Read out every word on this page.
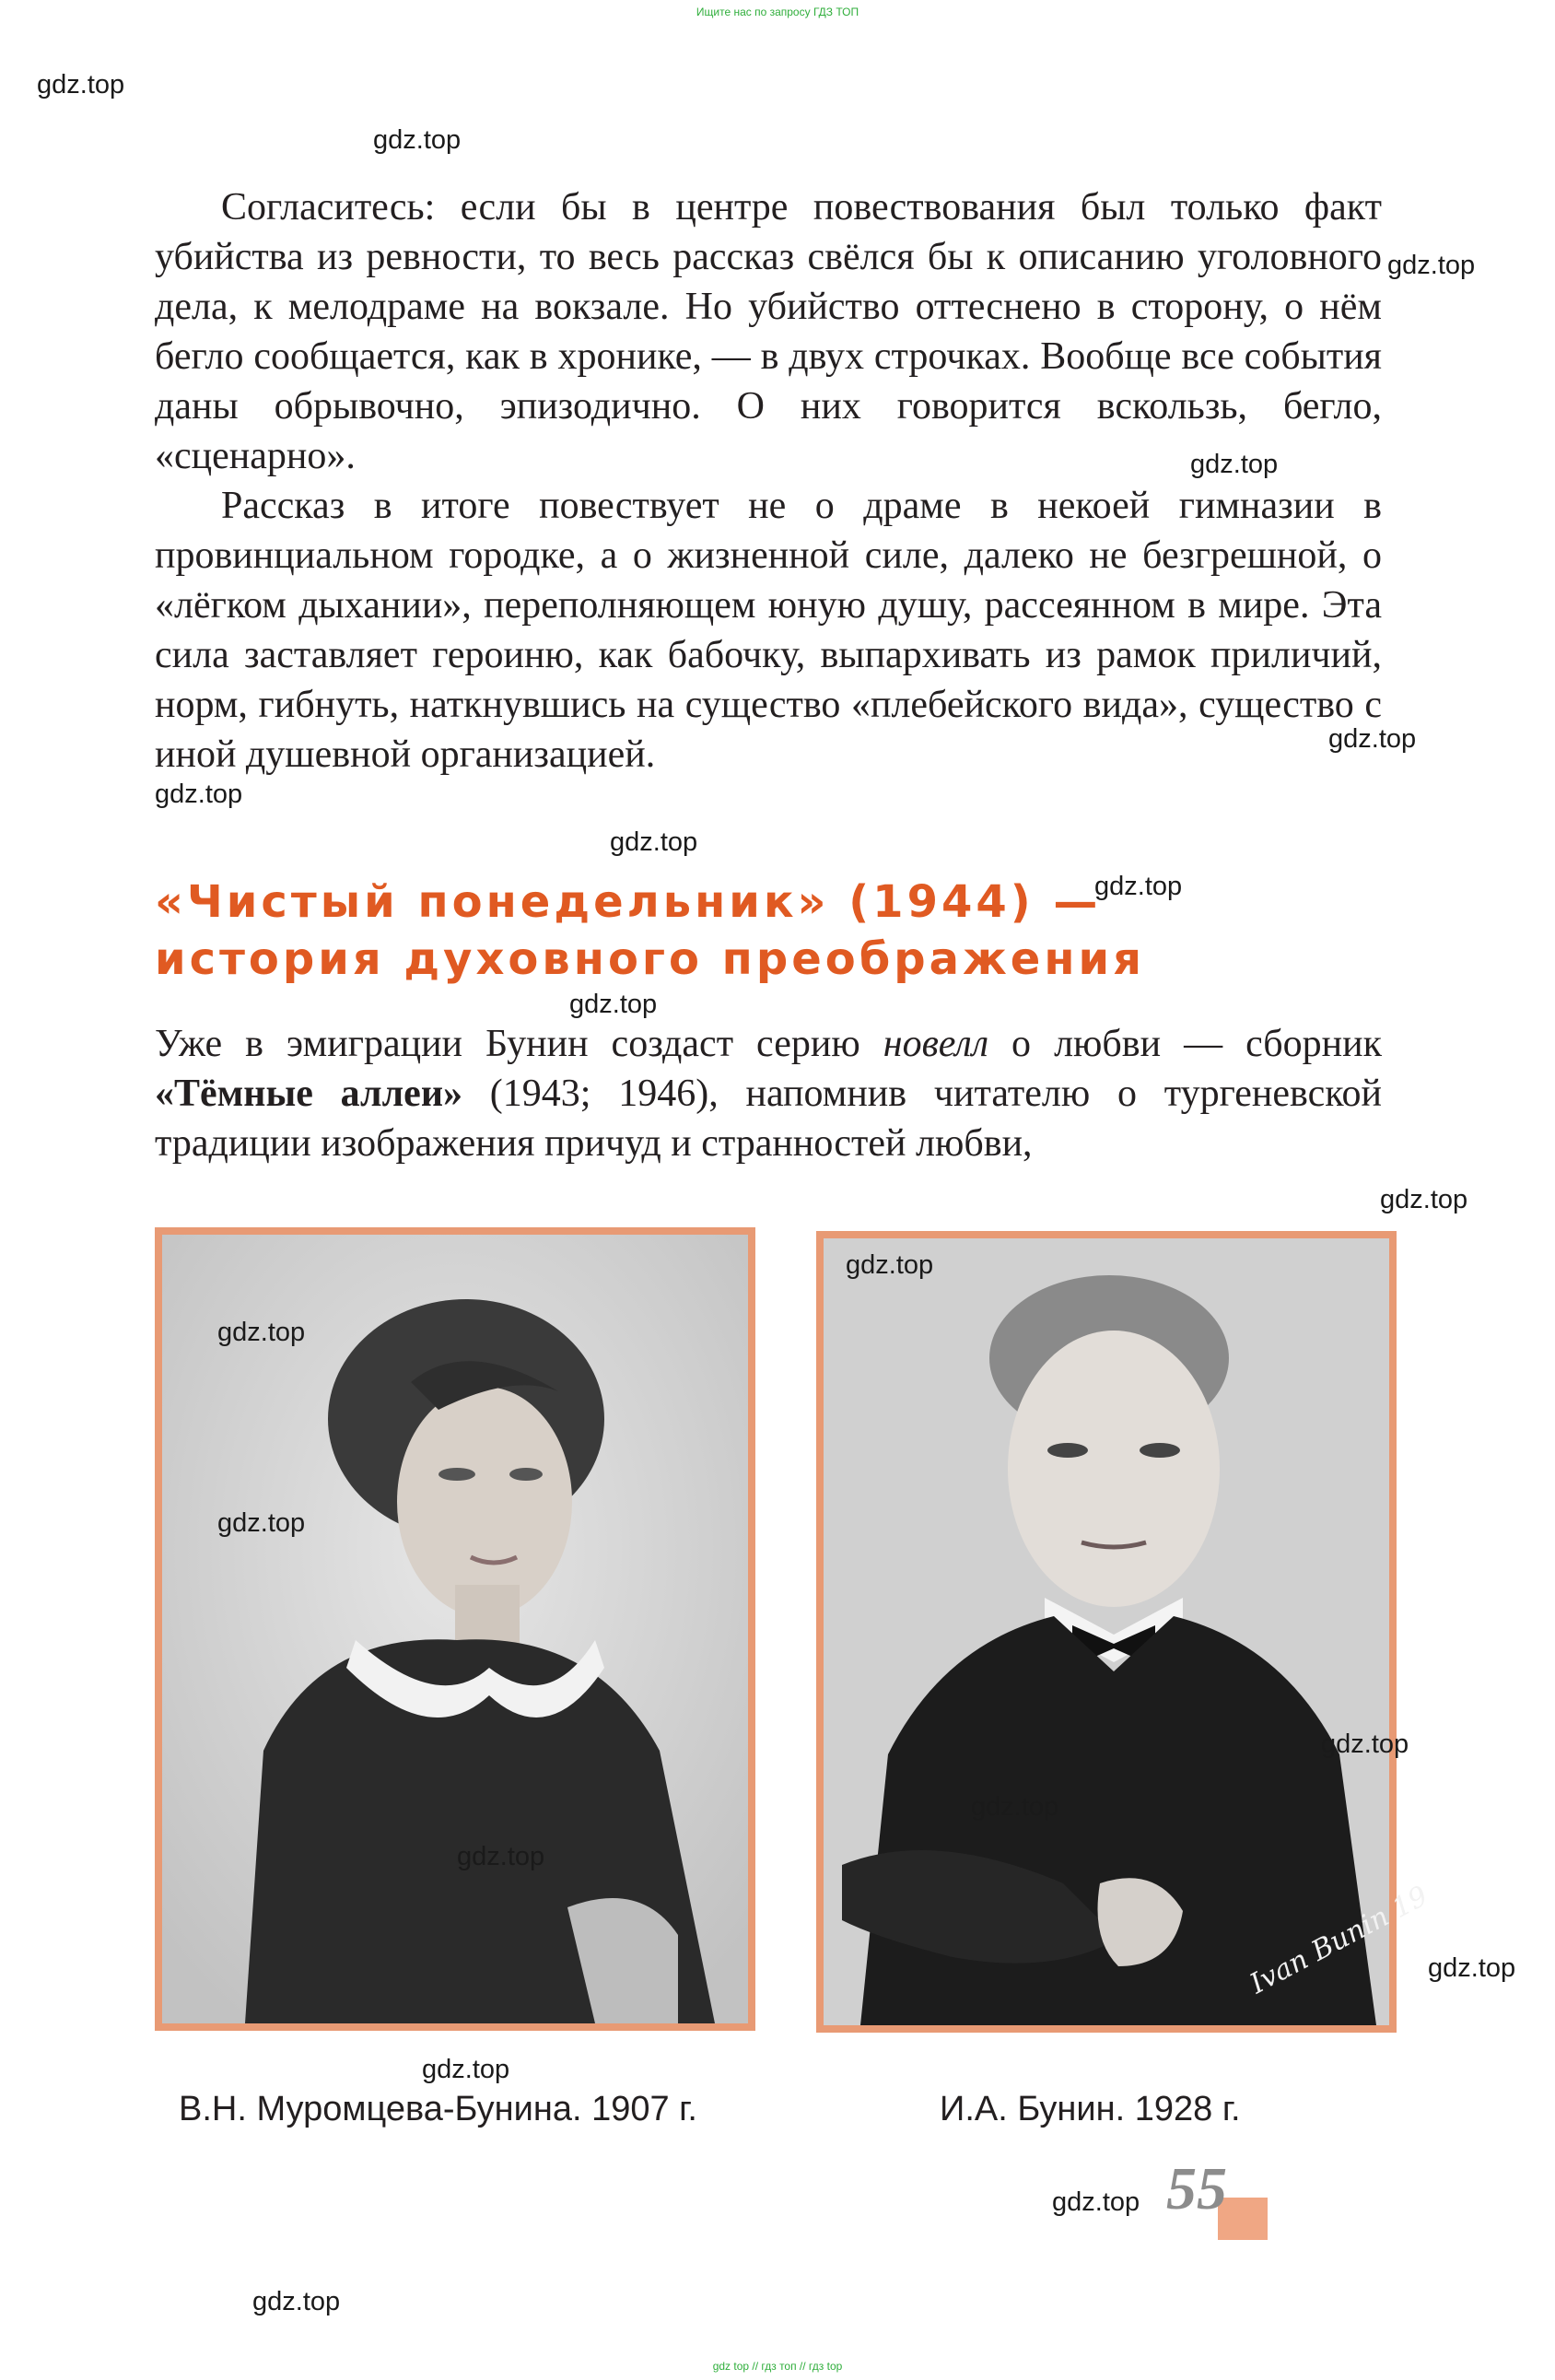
Ищите нас по запросу ГДЗ ТОП
gdz.top
gdz.top
gdz.top
gdz.top
gdz.top
gdz.top
gdz.top
gdz.top
gdz.top
gdz.top

Согласитесь: если бы в центре повествования был только факт убийства из ревности, то весь рассказ свёлся бы к описанию уголовного дела, к мелодраме на вокзале. Но убийство оттеснено в сторону, о нём бегло сообщается, как в хронике, — в двух строчках. Вообще все события даны обрывочно, эпизодично. О них говорится вскользь, бегло, «сценарно».

Рассказ в итоге повествует не о драме в некоей гимназии в провинциальном городке, а о жизненной силе, далеко не безгрешной, о «лёгком дыхании», переполняющем юную душу, рассеянном в мире. Эта сила заставляет героиню, как бабочку, выпархивать из рамок приличий, норм, гибнуть, наткнувшись на существо «плебейского вида», существо с иной душевной организацией.

«Чистый понедельник» (1944) —
история духовного преображения

Уже в эмиграции Бунин создаст серию новелл о любви — сборник «Тёмные аллеи» (1943; 1946), напомнив читателю о тургеневской традиции изображения причуд и странностей любви,

gdz.top
gdz.top
gdz.top
Ivan Bunin 19
gdz.top
gdz.top
gdz.top
gdz.top
gdz.top
В.Н. Муромцева-Бунина. 1907 г.	И.А. Бунин. 1928 г.
55
gdz.top
gdz.top
gdz top // гдз топ // гдз top
